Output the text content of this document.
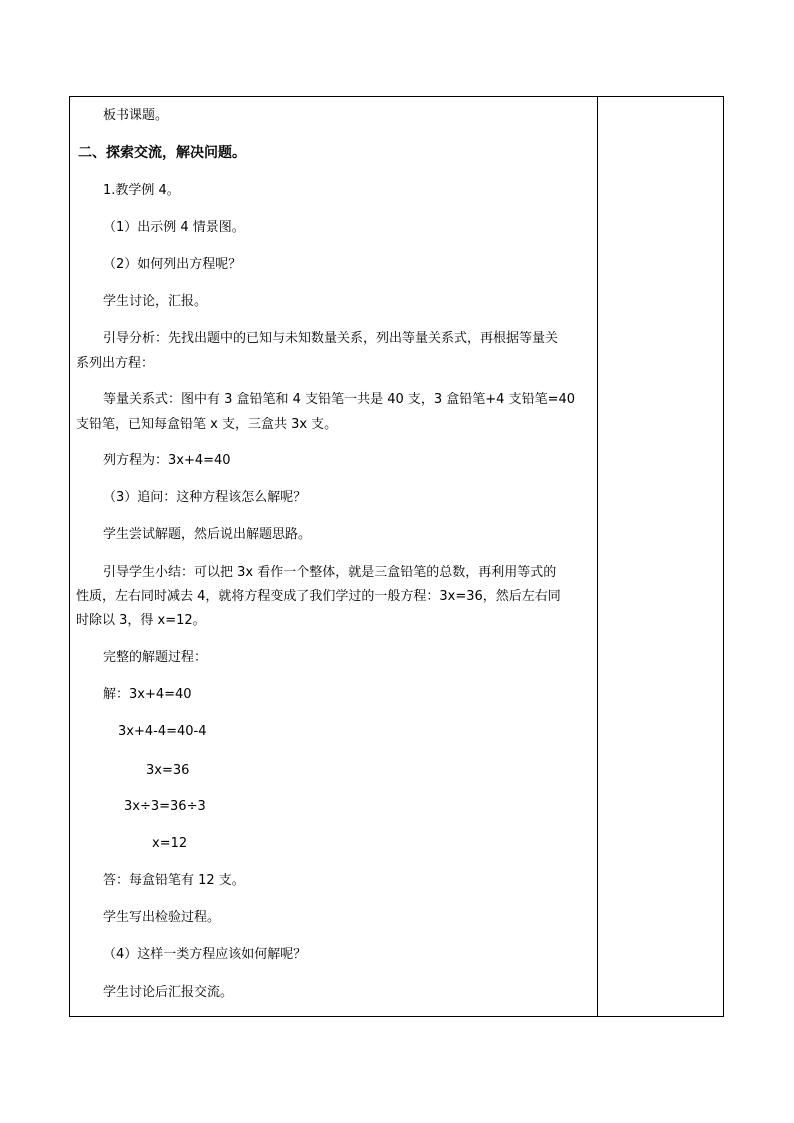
板书课题。
二、探索交流，解决问题。
1.教学例 4。
（1）出示例 4 情景图。
（2）如何列出方程呢？
学生讨论，汇报。
引导分析：先找出题中的已知与未知数量关系，列出等量关系式，再根据等量关
系列出方程：
等量关系式：图中有 3 盒铅笔和 4 支铅笔一共是 40 支，3 盒铅笔+4 支铅笔=40
支铅笔，已知每盒铅笔 x 支，三盒共 3x 支。
列方程为：3x+4=40
（3）追问：这种方程该怎么解呢？
学生尝试解题，然后说出解题思路。
引导学生小结：可以把 3x 看作一个整体，就是三盒铅笔的总数，再利用等式的
性质，左右同时减去 4，就将方程变成了我们学过的一般方程：3x=36，然后左右同
时除以 3，得 x=12。
完整的解题过程：
解：3x+4=40
3x+4-4=40-4
3x=36
3x÷3=36÷3
x=12
答：每盒铅笔有 12 支。
学生写出检验过程。
（4）这样一类方程应该如何解呢？
学生讨论后汇报交流。
